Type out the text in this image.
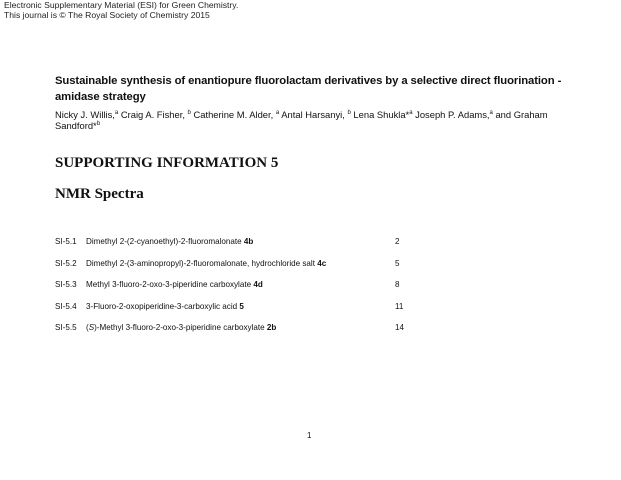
Electronic Supplementary Material (ESI) for Green Chemistry.
This journal is © The Royal Society of Chemistry 2015
Sustainable synthesis of enantiopure fluorolactam derivatives by a selective direct fluorination - amidase strategy
Nicky J. Willis,$^a$ Craig A. Fisher, $^b$ Catherine M. Alder, $^a$ Antal Harsanyi, $^b$ Lena Shukla*$^a$ Joseph P. Adams,$^a$ and Graham Sandford*$^b$
SUPPORTING INFORMATION 5
NMR Spectra
SI-5.1 Dimethyl 2-(2-cyanoethyl)-2-fluoromalonate 4b	2
SI-5.2 Dimethyl 2-(3-aminopropyl)-2-fluoromalonate, hydrochloride salt 4c	5
SI-5.3 Methyl 3-fluoro-2-oxo-3-piperidine carboxylate 4d	8
SI-5.4 3-Fluoro-2-oxopiperidine-3-carboxylic acid 5	11
SI-5.5 (S)-Methyl 3-fluoro-2-oxo-3-piperidine carboxylate 2b	14
1
